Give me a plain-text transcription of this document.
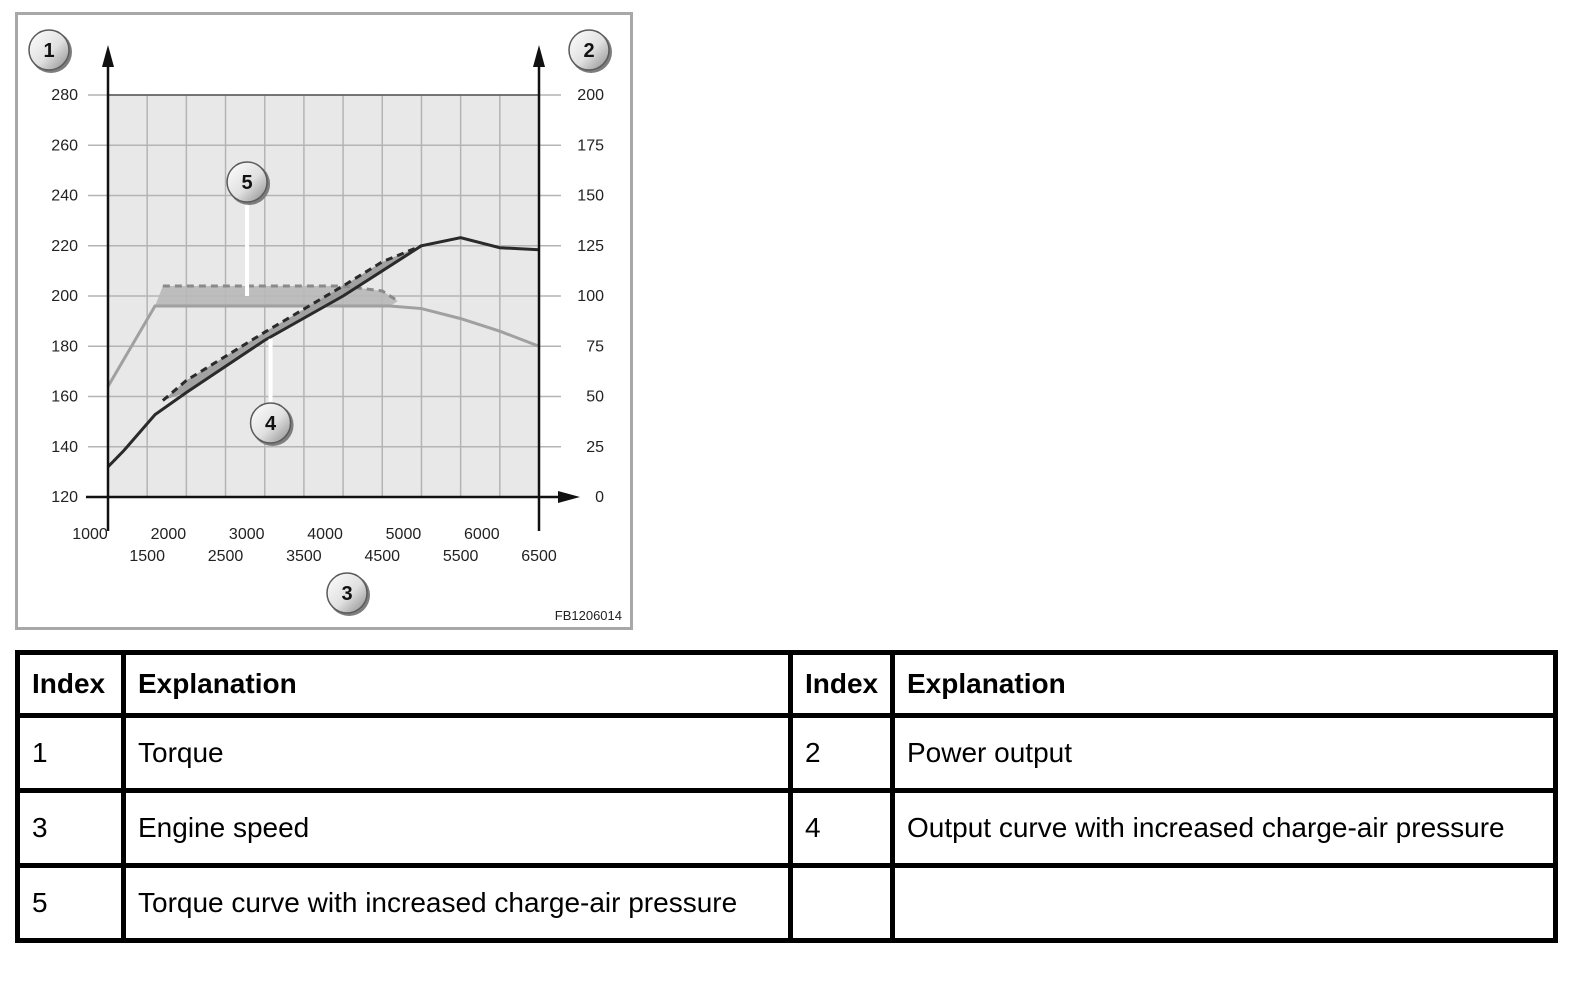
120
140
160
180
200
220
240
260
280
0
25
50
75
100
125
150
175
200
1000	2000	3000	4000	5000	6000
1500	2500	3500	4500	5500	6500
1	2
3
5
4
FB1206014
Index	Explanation	Index	Explanation
1	Torque	2	Power output
3	Engine speed	4	Output curve with increased charge-air pressure
5	Torque curve with increased charge-air pressure		
